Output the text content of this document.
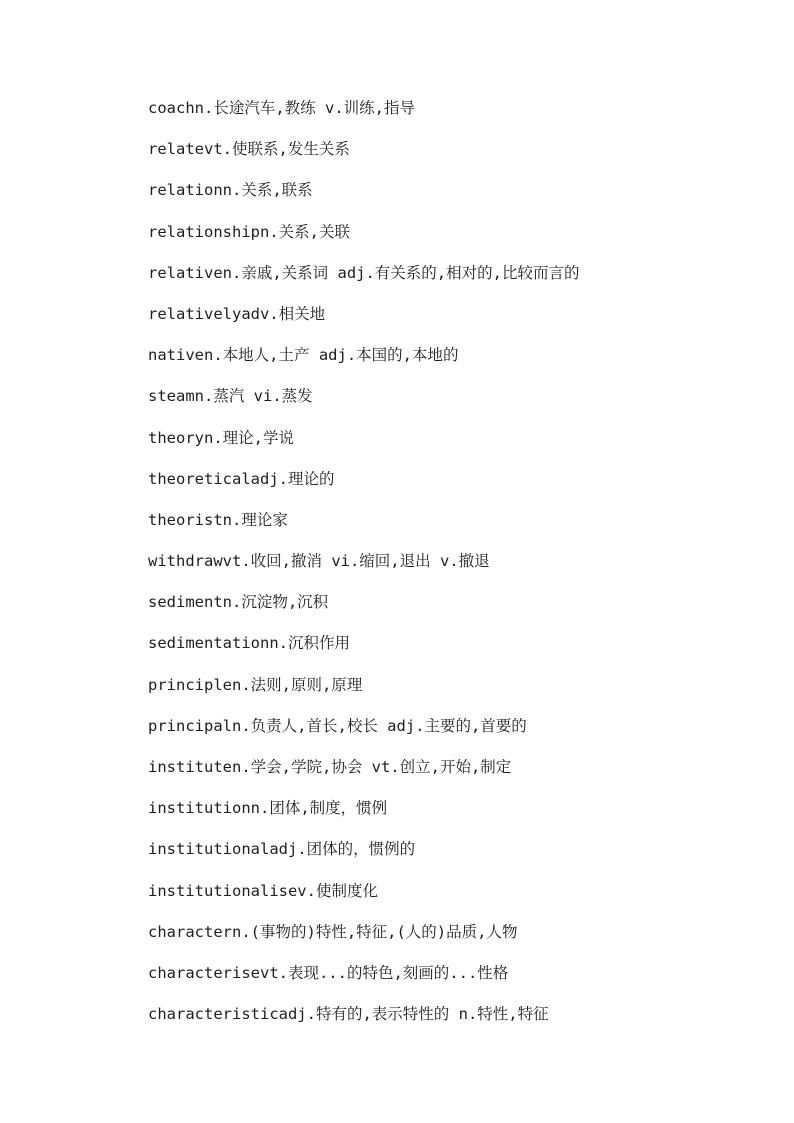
coachn.长途汽车,教练 v.训练,指导
relatevt.使联系,发生关系
relationn.关系,联系
relationshipn.关系,关联
relativen.亲戚,关系词 adj.有关系的,相对的,比较而言的
relativelyadv.相关地
nativen.本地人,土产 adj.本国的,本地的
steamn.蒸汽 vi.蒸发
theoryn.理论,学说
theoreticaladj.理论的
theoristn.理论家
withdrawvt.收回,撤消 vi.缩回,退出 v.撤退
sedimentn.沉淀物,沉积
sedimentationn.沉积作用
principlen.法则,原则,原理
principaln.负责人,首长,校长 adj.主要的,首要的
instituten.学会,学院,协会 vt.创立,开始,制定
institutionn.团体,制度，惯例
institutionaladj.团体的，惯例的
institutionalisev.使制度化
charactern.(事物的)特性,特征,(人的)品质,人物
characterisevt.表现...的特色,刻画的...性格
characteristicadj.特有的,表示特性的 n.特性,特征
